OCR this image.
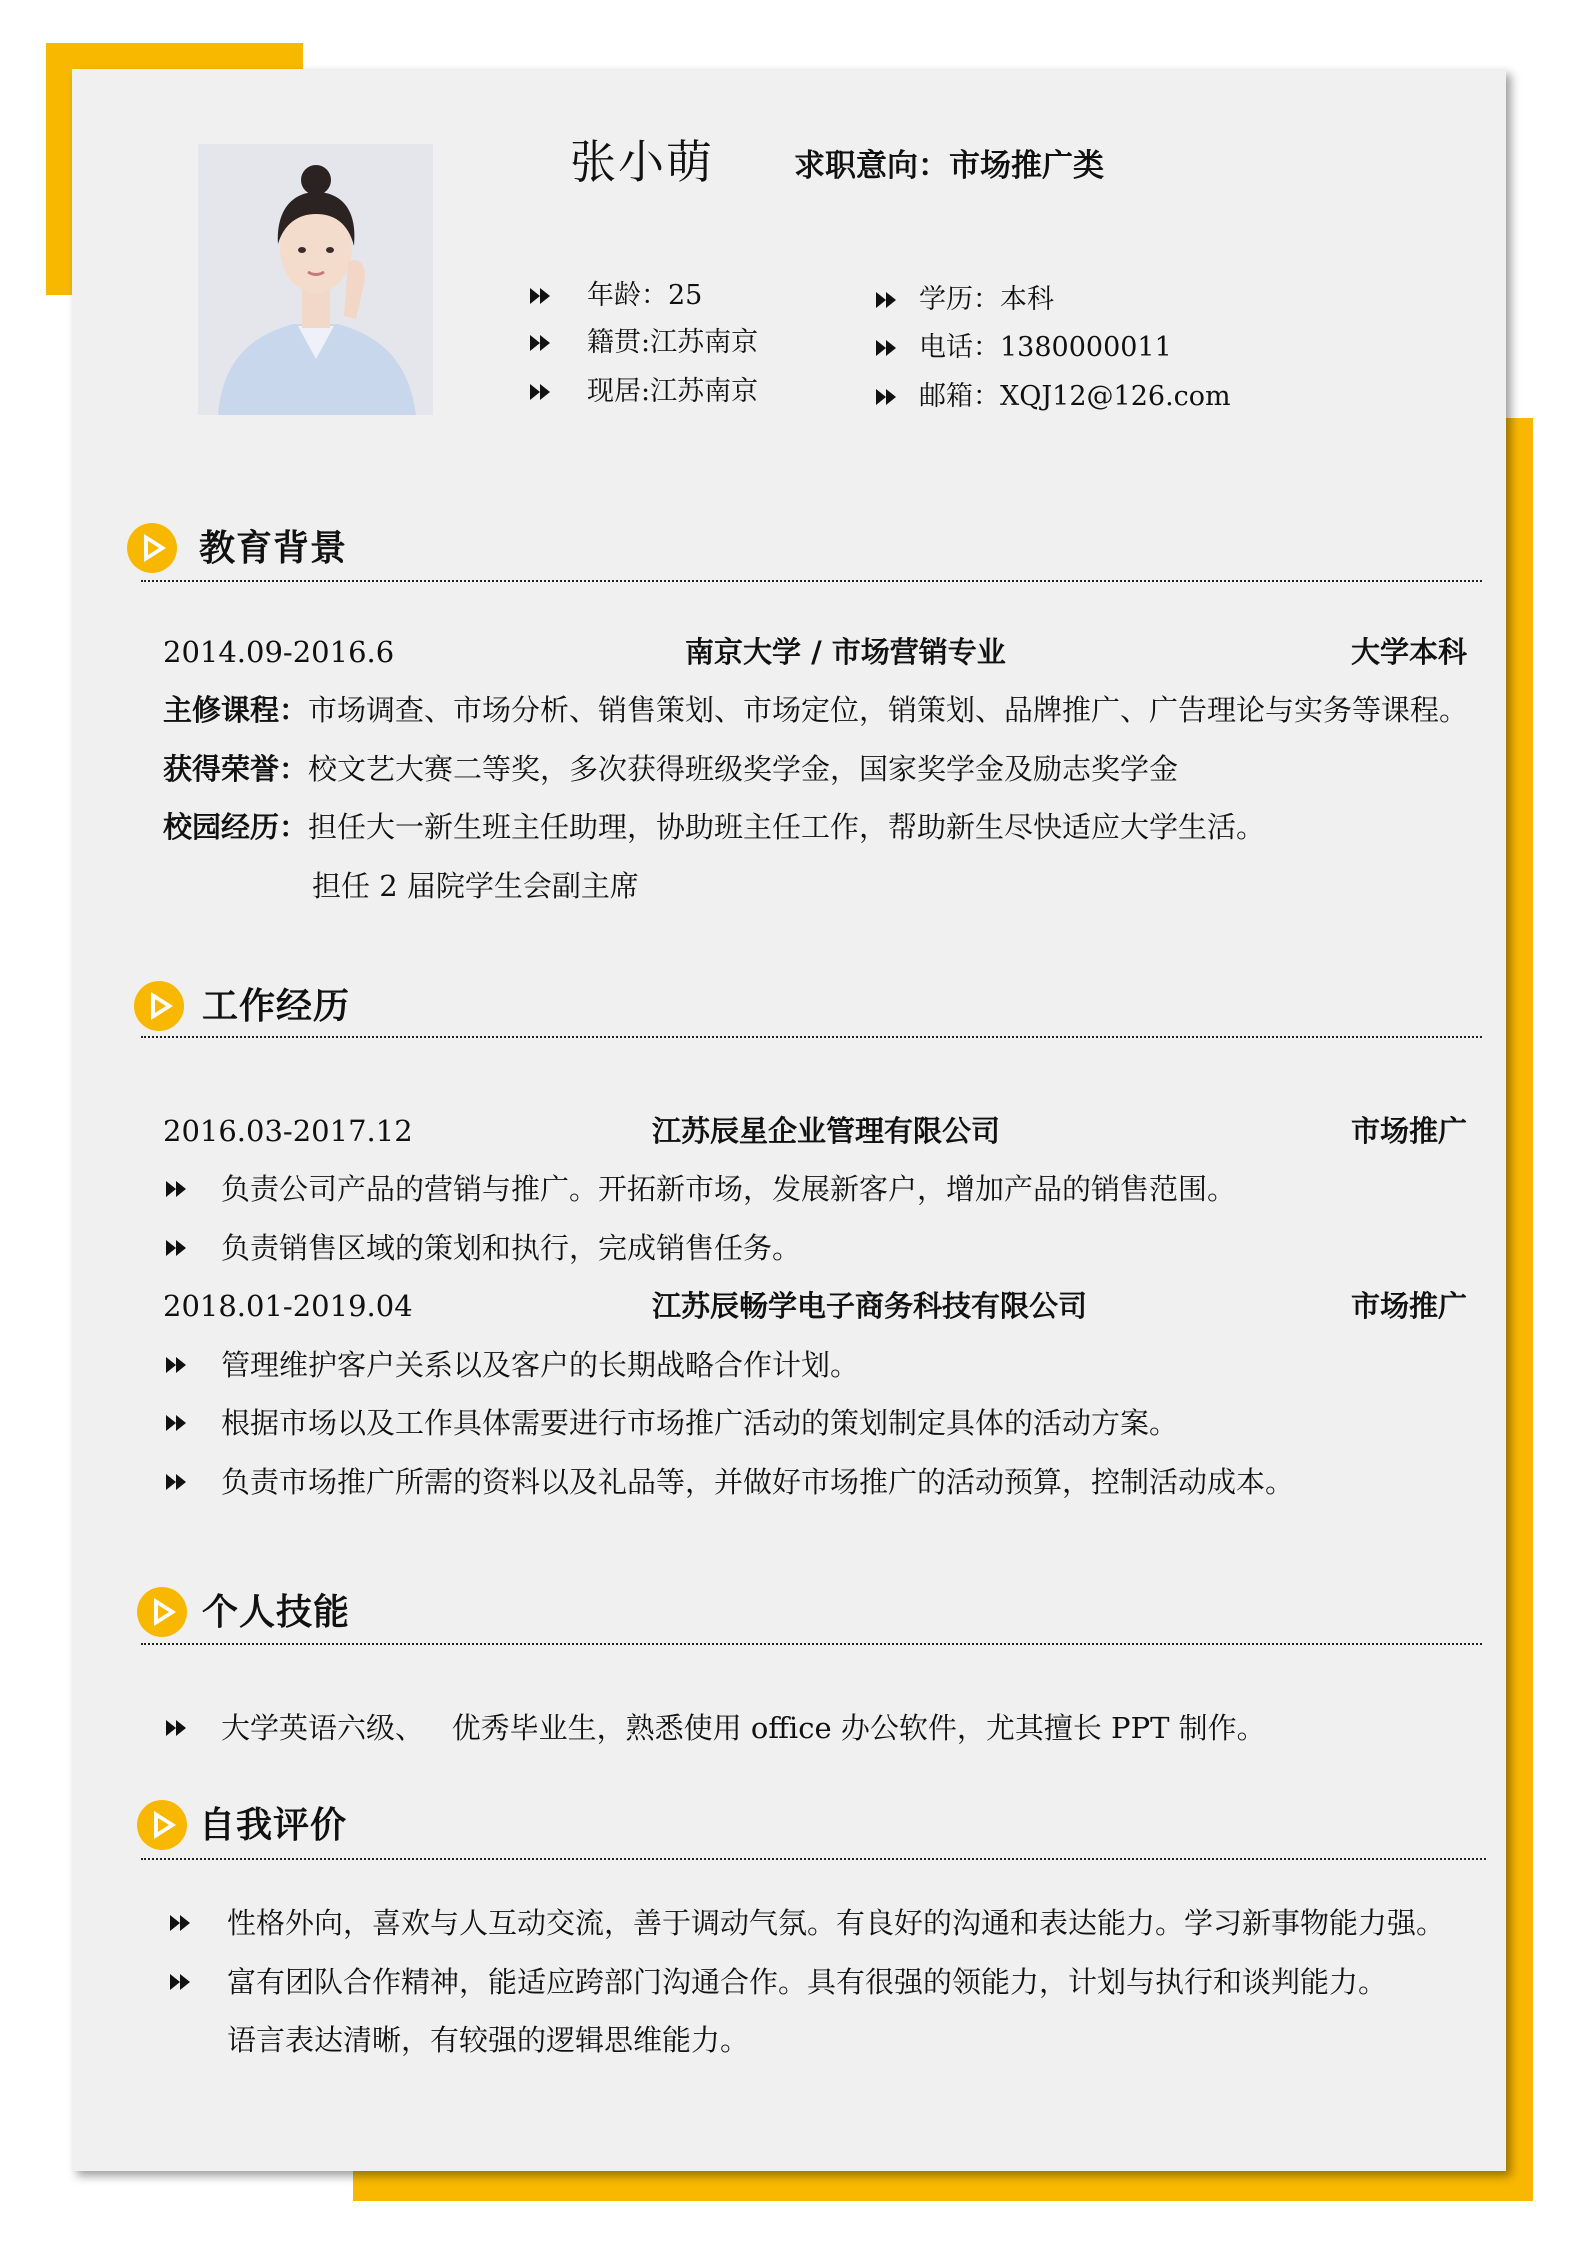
张小萌	求职意向：市场推广类
年龄：25
籍贯:江苏南京
现居:江苏南京
学历：本科
电话：1380000011
邮箱：XQJ12@126.com
教育背景
2014.09-2016.6	南京大学 / 市场营销专业	大学本科
主修课程：市场调查、市场分析、销售策划、市场定位，销策划、品牌推广、广告理论与实务等课程。
获得荣誉：校文艺大赛二等奖，多次获得班级奖学金，国家奖学金及励志奖学金
校园经历：担任大一新生班主任助理，协助班主任工作，帮助新生尽快适应大学生活。
担任 2 届院学生会副主席
工作经历
2016.03-2017.12	江苏辰星企业管理有限公司	市场推广
负责公司产品的营销与推广。开拓新市场，发展新客户，增加产品的销售范围。
负责销售区域的策划和执行，完成销售任务。
2018.01-2019.04	江苏辰畅学电子商务科技有限公司	市场推广
管理维护客户关系以及客户的长期战略合作计划。
根据市场以及工作具体需要进行市场推广活动的策划制定具体的活动方案。
负责市场推广所需的资料以及礼品等，并做好市场推广的活动预算，控制活动成本。
个人技能
大学英语六级、   优秀毕业生，熟悉使用 office 办公软件，尤其擅长 PPT 制作。
自我评价
性格外向，喜欢与人互动交流，善于调动气氛。有良好的沟通和表达能力。学习新事物能力强。
富有团队合作精神，能适应跨部门沟通合作。具有很强的领能力，计划与执行和谈判能力。
语言表达清晰，有较强的逻辑思维能力。
